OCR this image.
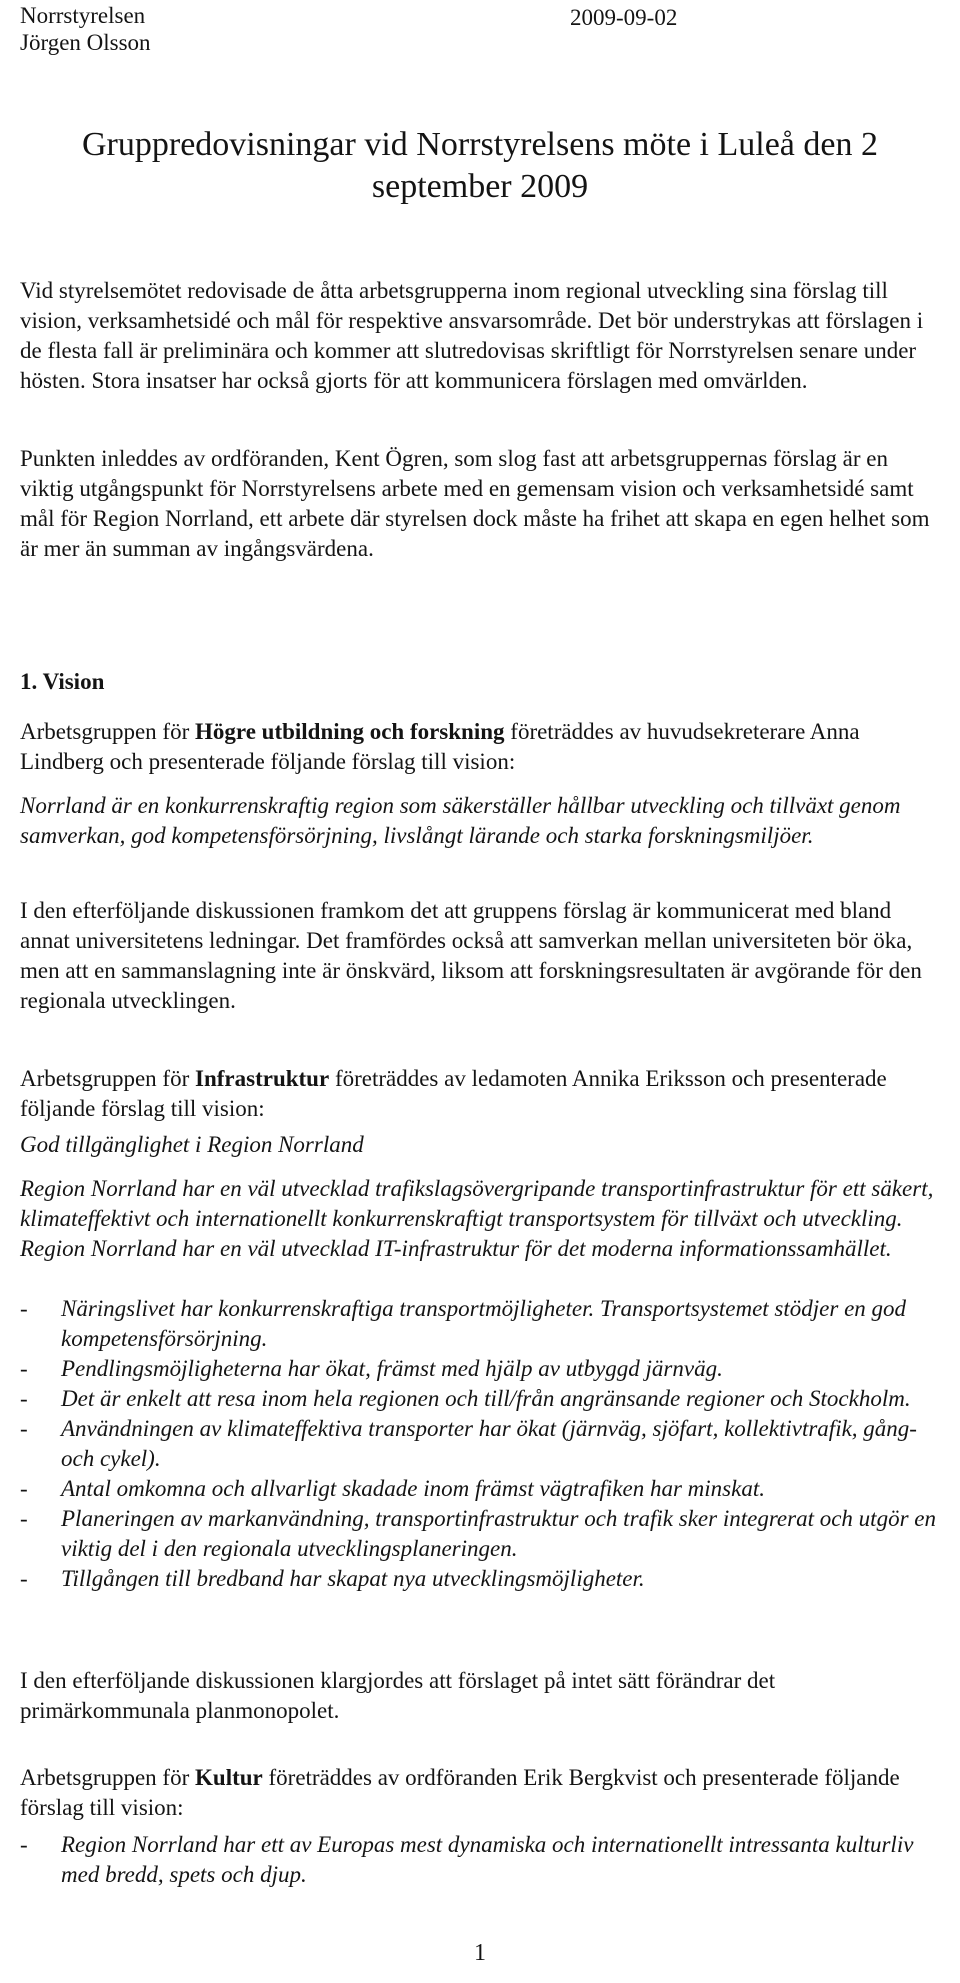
Norrstyrelsen
Jörgen Olsson
2009-09-02
Gruppredovisningar vid Norrstyrelsens möte i Luleå den 2 september 2009

Vid styrelsemötet redovisade de åtta arbetsgrupperna inom regional utveckling sina förslag till vision, verksamhetsidé och mål för respektive ansvarsområde. Det bör understrykas att förslagen i de flesta fall är preliminära och kommer att slutredovisas skriftligt för Norrstyrelsen senare under hösten. Stora insatser har också gjorts för att kommunicera förslagen med omvärlden.

Punkten inleddes av ordföranden, Kent Ögren, som slog fast att arbetsgruppernas förslag är en viktig utgångspunkt för Norrstyrelsens arbete med en gemensam vision och verksamhetsidé samt mål för Region Norrland, ett arbete där styrelsen dock måste ha frihet att skapa en egen helhet som är mer än summan av ingångsvärdena.

1. Vision

Arbetsgruppen för Högre utbildning och forskning företräddes av huvudsekreterare Anna Lindberg och presenterade följande förslag till vision:

Norrland är en konkurrenskraftig region som säkerställer hållbar utveckling och tillväxt genom samverkan, god kompetensförsörjning, livslångt lärande och starka forskningsmiljöer.

I den efterföljande diskussionen framkom det att gruppens förslag är kommunicerat med bland annat universitetens ledningar. Det framfördes också att samverkan mellan universiteten bör öka, men att en sammanslagning inte är önskvärd, liksom att forskningsresultaten är avgörande för den regionala utvecklingen.

Arbetsgruppen för Infrastruktur företräddes av ledamoten Annika Eriksson och presenterade följande förslag till vision:

God tillgänglighet i Region Norrland

Region Norrland har en väl utvecklad trafikslagsövergripande transportinfrastruktur för ett säkert, klimateffektivt och internationellt konkurrenskraftigt transportsystem för tillväxt och utveckling. Region Norrland har en väl utvecklad IT-infrastruktur för det moderna informationssamhället.

- Näringslivet har konkurrenskraftiga transportmöjligheter. Transportsystemet stödjer en god kompetensförsörjning.
- Pendlingsmöjligheterna har ökat, främst med hjälp av utbyggd järnväg.
- Det är enkelt att resa inom hela regionen och till/från angränsande regioner och Stockholm.
- Användningen av klimateffektiva transporter har ökat (järnväg, sjöfart, kollektivtrafik, gång- och cykel).
- Antal omkomna och allvarligt skadade inom främst vägtrafiken har minskat.
- Planeringen av markanvändning, transportinfrastruktur och trafik sker integrerat och utgör en viktig del i den regionala utvecklingsplaneringen.
- Tillgången till bredband har skapat nya utvecklingsmöjligheter.

I den efterföljande diskussionen klargjordes att förslaget på intet sätt förändrar det primärkommunala planmonopolet.

Arbetsgruppen för Kultur företräddes av ordföranden Erik Bergkvist och presenterade följande förslag till vision:

- Region Norrland har ett av Europas mest dynamiska och internationellt intressanta kulturliv med bredd, spets och djup.
1
